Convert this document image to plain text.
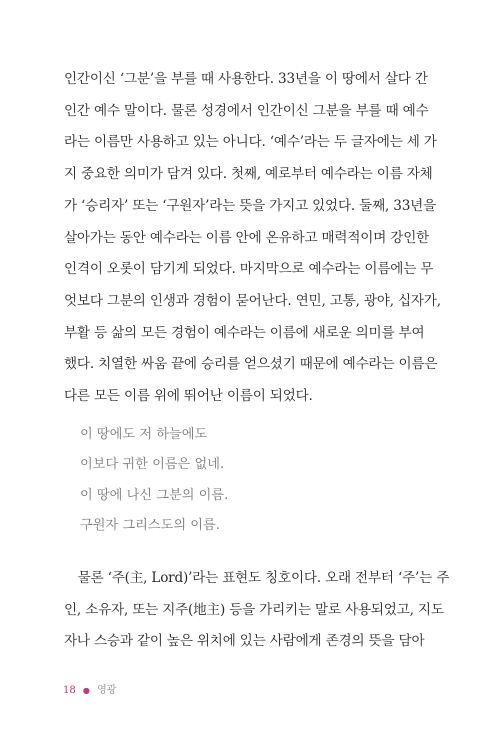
인간이신 ‘그분’을 부를 때 사용한다. 33년을 이 땅에서 살다 간
인간 예수 말이다. 물론 성경에서 인간이신 그분을 부를 때 예수
라는 이름만 사용하고 있는 아니다. ‘예수’라는 두 글자에는 세 가
지 중요한 의미가 담겨 있다. 첫째, 예로부터 예수라는 이름 자체
가 ‘승리자’ 또는 ‘구원자’라는 뜻을 가지고 있었다. 둘째, 33년을
살아가는 동안 예수라는 이름 안에 온유하고 매력적이며 강인한
인격이 오롯이 담기게 되었다. 마지막으로 예수라는 이름에는 무
엇보다 그분의 인생과 경험이 묻어난다. 연민, 고통, 광야, 십자가,
부활 등 삶의 모든 경험이 예수라는 이름에 새로운 의미를 부여
했다. 치열한 싸움 끝에 승리를 얻으셨기 때문에 예수라는 이름은
다른 모든 이름 위에 뛰어난 이름이 되었다.
이 땅에도 저 하늘에도
이보다 귀한 이름은 없네.
이 땅에 나신 그분의 이름.
구원자 그리스도의 이름.
물론 ‘주(主, Lord)’라는 표현도 칭호이다. 오래 전부터 ‘주’는 주
인, 소유자, 또는 지주(地主) 등을 가리키는 말로 사용되었고, 지도
자나 스승과 같이 높은 위치에 있는 사람에게 존경의 뜻을 담아
18 ● 영광
